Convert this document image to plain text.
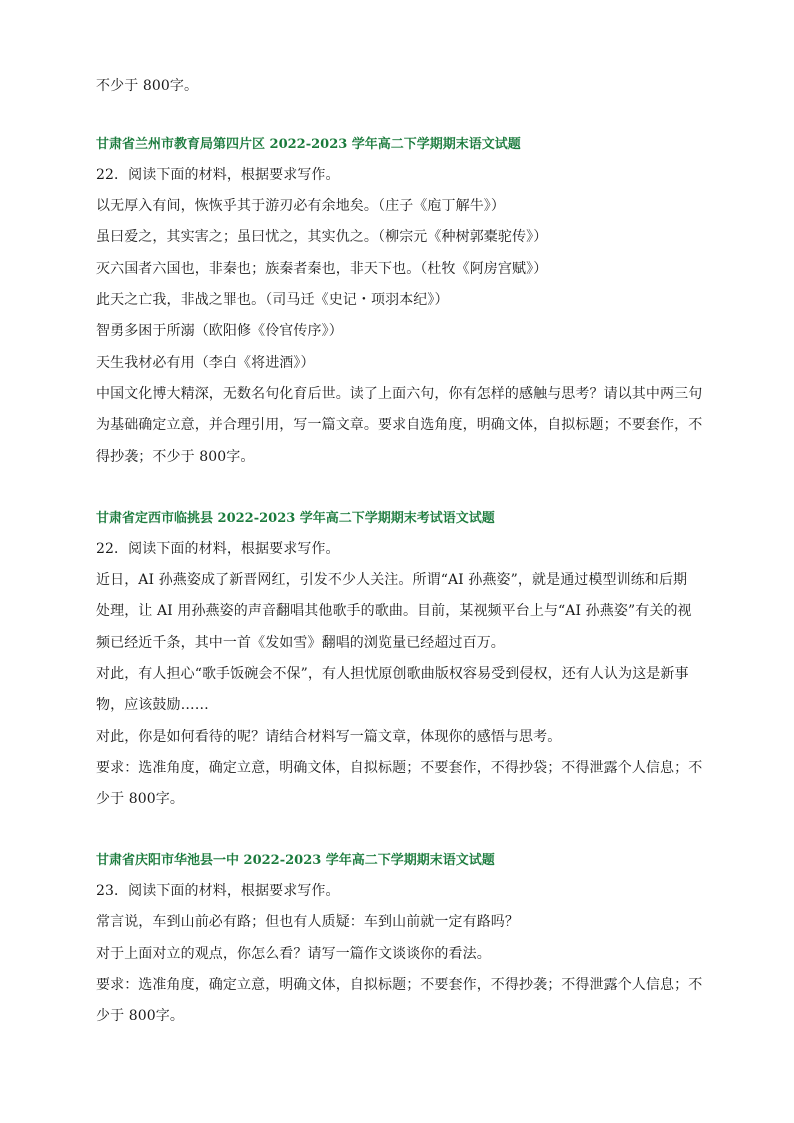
不少于 800字。
甘肃省兰州市教育局第四片区 2022-2023 学年高二下学期期末语文试题
22．阅读下面的材料，根据要求写作。
以无厚入有间，恢恢乎其于游刃必有余地矣。（庄子《庖丁解牛》）
虽曰爱之，其实害之；虽曰忧之，其实仇之。（柳宗元《种树郭橐驼传》）
灭六国者六国也，非秦也；族秦者秦也，非天下也。（杜牧《阿房宫赋》）
此天之亡我，非战之罪也。（司马迁《史记・项羽本纪》）
智勇多困于所溺（欧阳修《伶官传序》）
天生我材必有用（李白《将进酒》）
中国文化博大精深，无数名句化育后世。读了上面六句，你有怎样的感触与思考？请以其中两三句
为基础确定立意，并合理引用，写一篇文章。要求自选角度，明确文体，自拟标题；不要套作，不
得抄袭；不少于 800字。
甘肃省定西市临挑县 2022-2023 学年高二下学期期末考试语文试题
22．阅读下面的材料，根据要求写作。
近日，AI 孙燕姿成了新晋网红，引发不少人关注。所谓“AI 孙燕姿”，就是通过模型训练和后期
处理，让 AI 用孙燕姿的声音翻唱其他歌手的歌曲。目前，某视频平台上与“AI 孙燕姿”有关的视
频已经近千条，其中一首《发如雪》翻唱的浏览量已经超过百万。
对此，有人担心“歌手饭碗会不保”，有人担忧原创歌曲版权容易受到侵权，还有人认为这是新事
物，应该鼓励……
对此，你是如何看待的呢？请结合材料写一篇文章，体现你的感悟与思考。
要求：选准角度，确定立意，明确文体，自拟标题；不要套作，不得抄袋；不得泄露个人信息；不
少于 800字。
甘肃省庆阳市华池县一中 2022-2023 学年高二下学期期末语文试题
23．阅读下面的材料，根据要求写作。
常言说，车到山前必有路；但也有人质疑：车到山前就一定有路吗？
对于上面对立的观点，你怎么看？请写一篇作文谈谈你的看法。
要求：选准角度，确定立意，明确文体，自拟标题；不要套作，不得抄袭；不得泄露个人信息；不
少于 800字。
